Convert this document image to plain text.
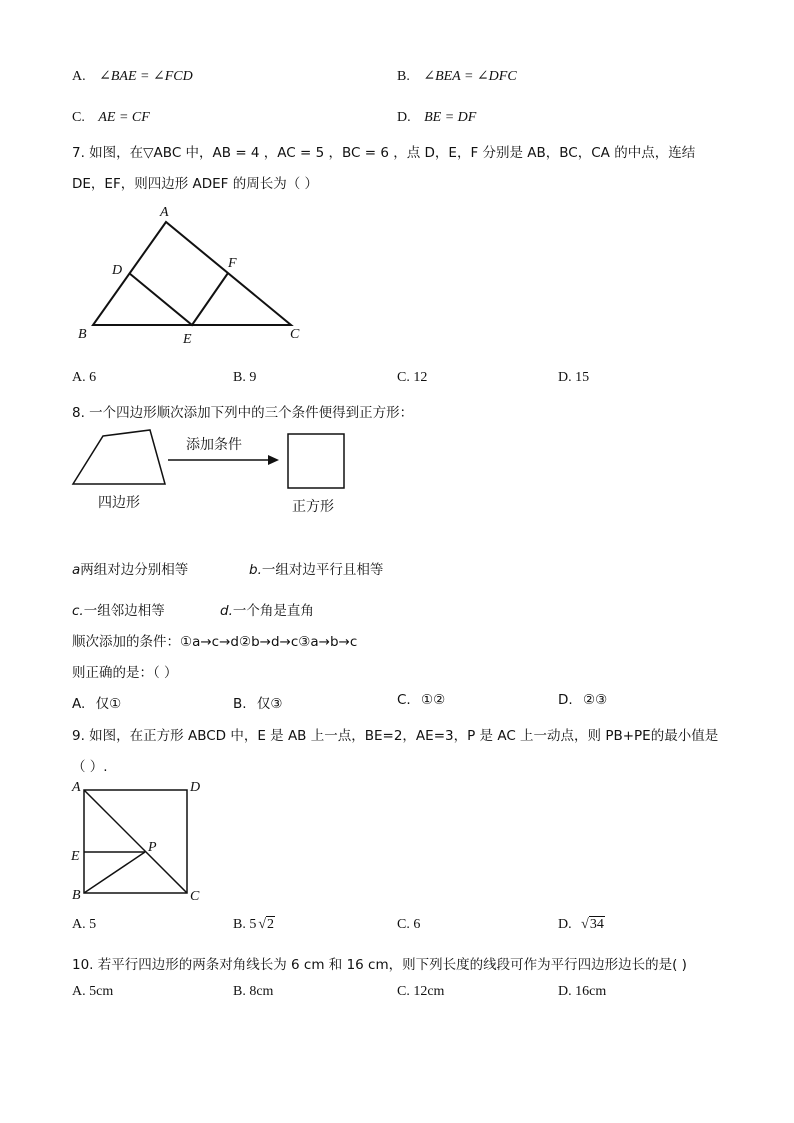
A. ∠BAE = ∠FCD	B. ∠BEA = ∠DFC
C. AE = CF	D. BE = DF
7. 如图，在▽ABC 中，AB = 4 ，AC = 5 ，BC = 6 ，点 D，E，F 分别是 AB，BC，CA 的中点，连结
DE，EF，则四边形 ADEF 的周长为（ ）
A
B	C
D
E
F
A. 6	B. 9	C. 12	D. 15
8. 一个四边形顺次添加下列中的三个条件便得到正方形：
添加条件
四边形	正方形
a两组对边分别相等	b.一组对边平行且相等
c.一组邻边相等	d.一个角是直角
顺次添加的条件：①a→c→d②b→d→c③a→b→c
则正确的是：（ ）
A. 仅①	B. 仅③	C. ①②	D. ②③
9. 如图，在正方形 ABCD 中，E 是 AB 上一点，BE=2，AE=3，P 是 AC 上一动点，则 PB+PE的最小值是
（ ）.
A	D
E
P
B	C
A. 5	B. 5 √2	C. 6	D. √34
10. 若平行四边形的两条对角线长为 6 cm 和 16 cm，则下列长度的线段可作为平行四边形边长的是( )
A. 5cm	B. 8cm	C. 12cm	D. 16cm
